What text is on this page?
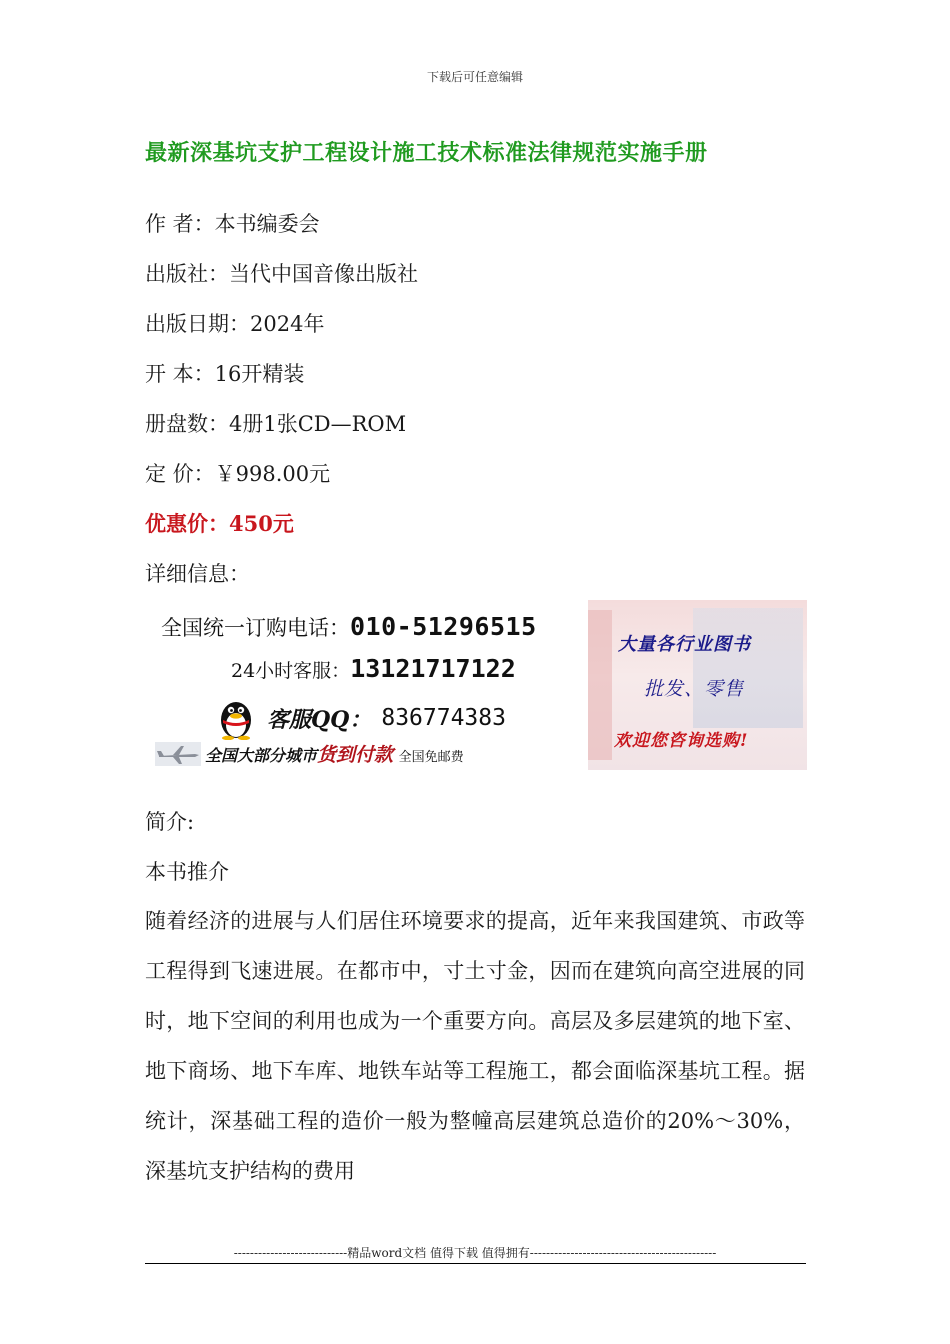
下载后可任意编辑
最新深基坑支护工程设计施工技术标准法律规范实施手册
作 者：本书编委会
出版社：当代中国音像出版社
出版日期：2024年
开 本：16开精装
册盘数：4册1张CD—ROM
定 价：￥998.00元
优惠价：450元
详细信息：
全国统一订购电话：010-51296515
24小时客服：13121717122
客服QQ： 836774383
全国大部分城市货到付款 全国免邮费
大量各行业图书
批发、零售
欢迎您咨询选购!
简介:
本书推介
随着经济的进展与人们居住环境要求的提高，近年来我国建筑、市政等工程得到飞速进展。在都市中，寸土寸金，因而在建筑向高空进展的同时，地下空间的利用也成为一个重要方向。高层及多层建筑的地下室、地下商场、地下车库、地铁车站等工程施工，都会面临深基坑工程。据统计，深基础工程的造价一般为整幢高层建筑总造价的20%～30%，深基坑支护结构的费用
----------------------------精品word文档 值得下载 值得拥有----------------------------------------------
